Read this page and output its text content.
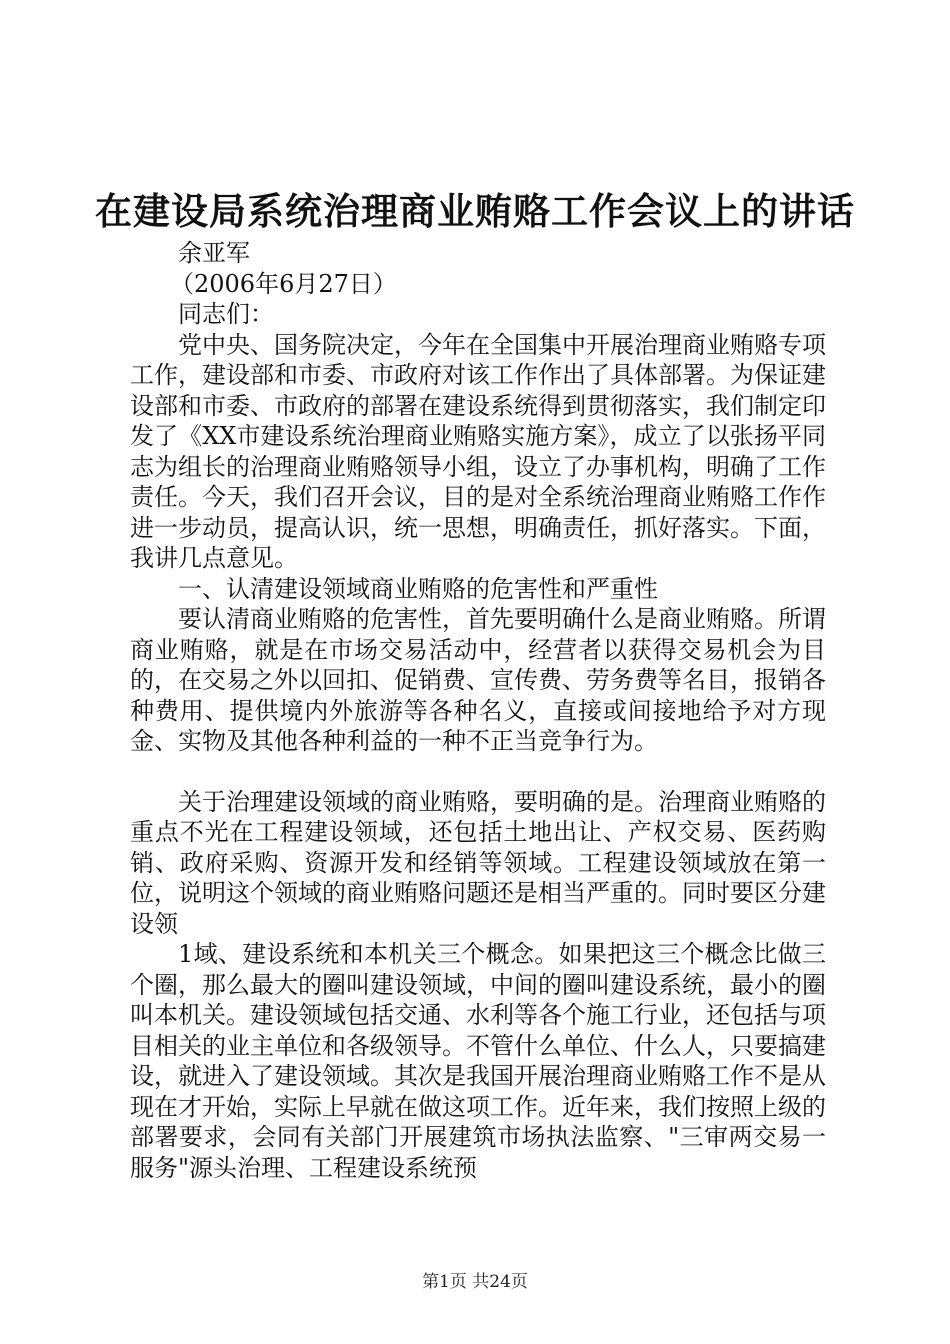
在建设局系统治理商业贿赂工作会议上的讲话

余亚军

（2006年6月27日）

同志们：

党中央、国务院决定，今年在全国集中开展治理商业贿赂专项工作，建设部和市委、市政府对该工作作出了具体部署。为保证建设部和市委、市政府的部署在建设系统得到贯彻落实，我们制定印发了《XX市建设系统治理商业贿赂实施方案》，成立了以张扬平同志为组长的治理商业贿赂领导小组，设立了办事机构，明确了工作责任。今天，我们召开会议，目的是对全系统治理商业贿赂工作作进一步动员，提高认识，统一思想，明确责任，抓好落实。下面，我讲几点意见。

一、认清建设领域商业贿赂的危害性和严重性

要认清商业贿赂的危害性，首先要明确什么是商业贿赂。所谓商业贿赂，就是在市场交易活动中，经营者以获得交易机会为目的，在交易之外以回扣、促销费、宣传费、劳务费等名目，报销各种费用、提供境内外旅游等各种名义，直接或间接地给予对方现金、实物及其他各种利益的一种不正当竞争行为。

关于治理建设领域的商业贿赂，要明确的是。治理商业贿赂的重点不光在工程建设领域，还包括土地出让、产权交易、医药购销、政府采购、资源开发和经销等领域。工程建设领域放在第一位，说明这个领域的商业贿赂问题还是相当严重的。同时要区分建设领

1域、建设系统和本机关三个概念。如果把这三个概念比做三个圈，那么最大的圈叫建设领域，中间的圈叫建设系统，最小的圈叫本机关。建设领域包括交通、水利等各个施工行业，还包括与项目相关的业主单位和各级领导。不管什么单位、什么人，只要搞建设，就进入了建设领域。其次是我国开展治理商业贿赂工作不是从现在才开始，实际上早就在做这项工作。近年来，我们按照上级的部署要求，会同有关部门开展建筑市场执法监察、"三审两交易一服务"源头治理、工程建设系统预

第1页 共24页
